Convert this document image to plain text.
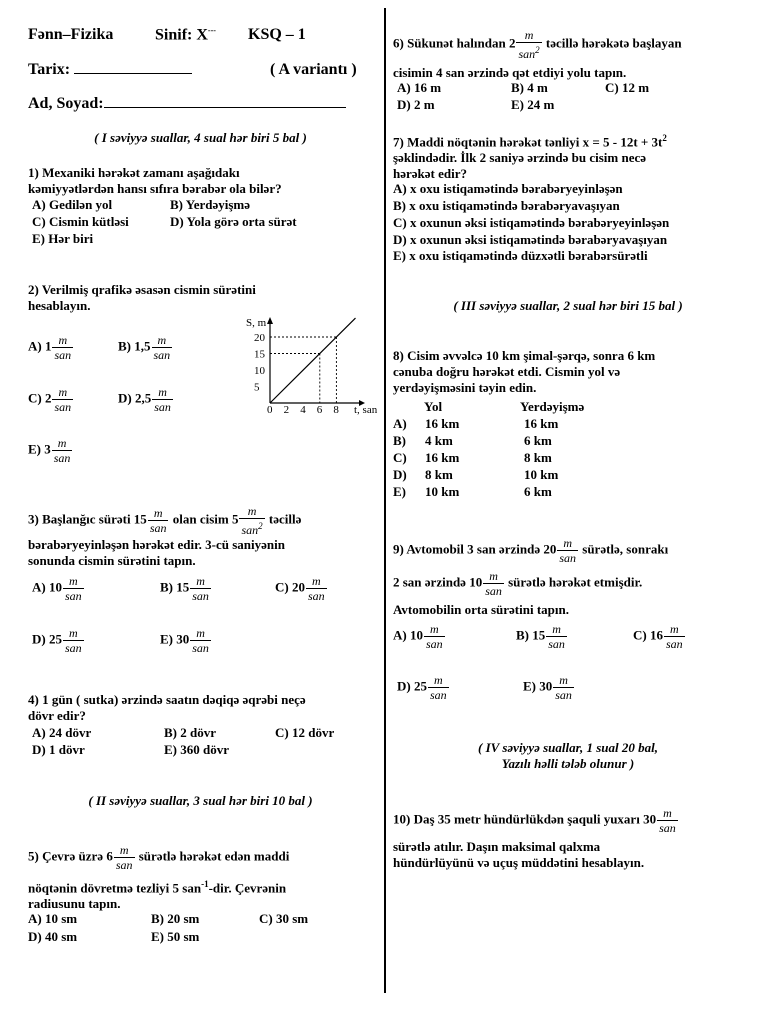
Fənn–Fizika	Sinif: X--- KSQ – 1
Tarix:	( A variantı )
Ad, Soyad:
( I səviyyə suallar, 4 sual hər biri 5 bal )
1) Mexaniki hərəkət zamanı aşağıdakı
kəmiyyətlərdən hansı sıfıra bərabər ola bilər?
A) Gedilən yol	B) Yerdəyişmə
C) Cismin kütləsi	D) Yola görə orta sürət
E) Hər biri
2) Verilmiş qrafikə əsasən cismin sürətini
hesablayın.
A) $1 \frac{m}{\text{san}}$	B) $1,5 \frac{m}{\text{san}}$
C) $2 \frac{m}{\text{san}}$	D) $2,5 \frac{m}{\text{san}}$
E) $3 \frac{m}{\text{san}}$
S, m
t, san
0 2 4 6 8
5
10
15
20
3) Başlanğıc sürəti $15 \frac{m}{\text{san}}$ olan cisim $5 \frac{m}{san^2}$ təcillə
bərabəryeyinləşən hərəkət edir. 3-cü saniyənin
sonunda cismin sürətini tapın.
A) $10 \frac{m}{\text{san}}$	B) $15 \frac{m}{\text{san}}$	C) $20 \frac{m}{\text{san}}$
D) $25 \frac{m}{\text{san}}$	E) $30 \frac{m}{\text{san}}$
4) 1 gün ( sutka) ərzində saatın dəqiqə əqrəbi neçə
dövr edir?
A) 24 dövr	B) 2 dövr	C) 12 dövr
D) 1 dövr	E) 360 dövr
( II səviyyə suallar, 3 sual hər biri 10 bal )
5) Çevrə üzrə $6 \frac{m}{\text{san}}$ sürətlə hərəkət edən maddi
nöqtənin dövretmə tezliyi 5 san$^{-1}$-dir. Çevrənin
radiusunu tapın.
A) 10 sm	B) 20 sm	C) 30 sm
D) 40 sm	E) 50 sm
6) Sükunət halından $2 \frac{m}{san^2}$ təcillə hərəkətə başlayan
cisimin 4 san ərzində qət etdiyi yolu tapın.
A) 16 m	B) 4 m	C) 12 m
D) 2 m	E) 24 m
7) Maddi nöqtənin hərəkət tənliyi $x = 5 - 12t + 3t^2$
şəklindədir. İlk 2 saniyə ərzində bu cisim necə
hərəkət edir?
A) x oxu istiqamətində bərabəryeyinləşən
B) x oxu istiqamətində bərabəryavaşıyan
C) x oxunun əksi istiqamətində bərabəryeyinləşən
D) x oxunun əksi istiqamətində bərabəryavaşıyan
E) x oxu istiqamətində düzxətli bərabərsürətli
( III səviyyə suallar, 2 sual hər biri 15 bal )
8) Cisim əvvəlcə 10 km şimal-şərqə, sonra 6 km
cənuba doğru hərəkət etdi. Cismin yol və
yerdəyişməsini təyin edin.
Yol	Yerdəyişmə
A) 16 km	16 km
B) 4 km	6 km
C) 16 km	8 km
D) 8 km	10 km
E) 10 km	6 km
9) Avtomobil 3 san ərzində $20 \frac{m}{\text{san}}$ sürətlə, sonrakı
2 san ərzində $10 \frac{m}{\text{san}}$ sürətlə hərəkət etmişdir.
Avtomobilin orta sürətini tapın.
A) $10 \frac{m}{\text{san}}$	B) $15 \frac{m}{\text{san}}$	C) $16 \frac{m}{\text{san}}$
D) $25 \frac{m}{\text{san}}$	E) $30 \frac{m}{\text{san}}$
( IV səviyyə suallar, 1 sual 20 bal,
Yazılı həlli tələb olunur )
10) Daş 35 metr hündürlükdən şaquli yuxarı $30 \frac{m}{\text{san}}$
sürətlə atılır. Daşın maksimal qalxma
hündürlüyünü və uçuş müddətini hesablayın.
